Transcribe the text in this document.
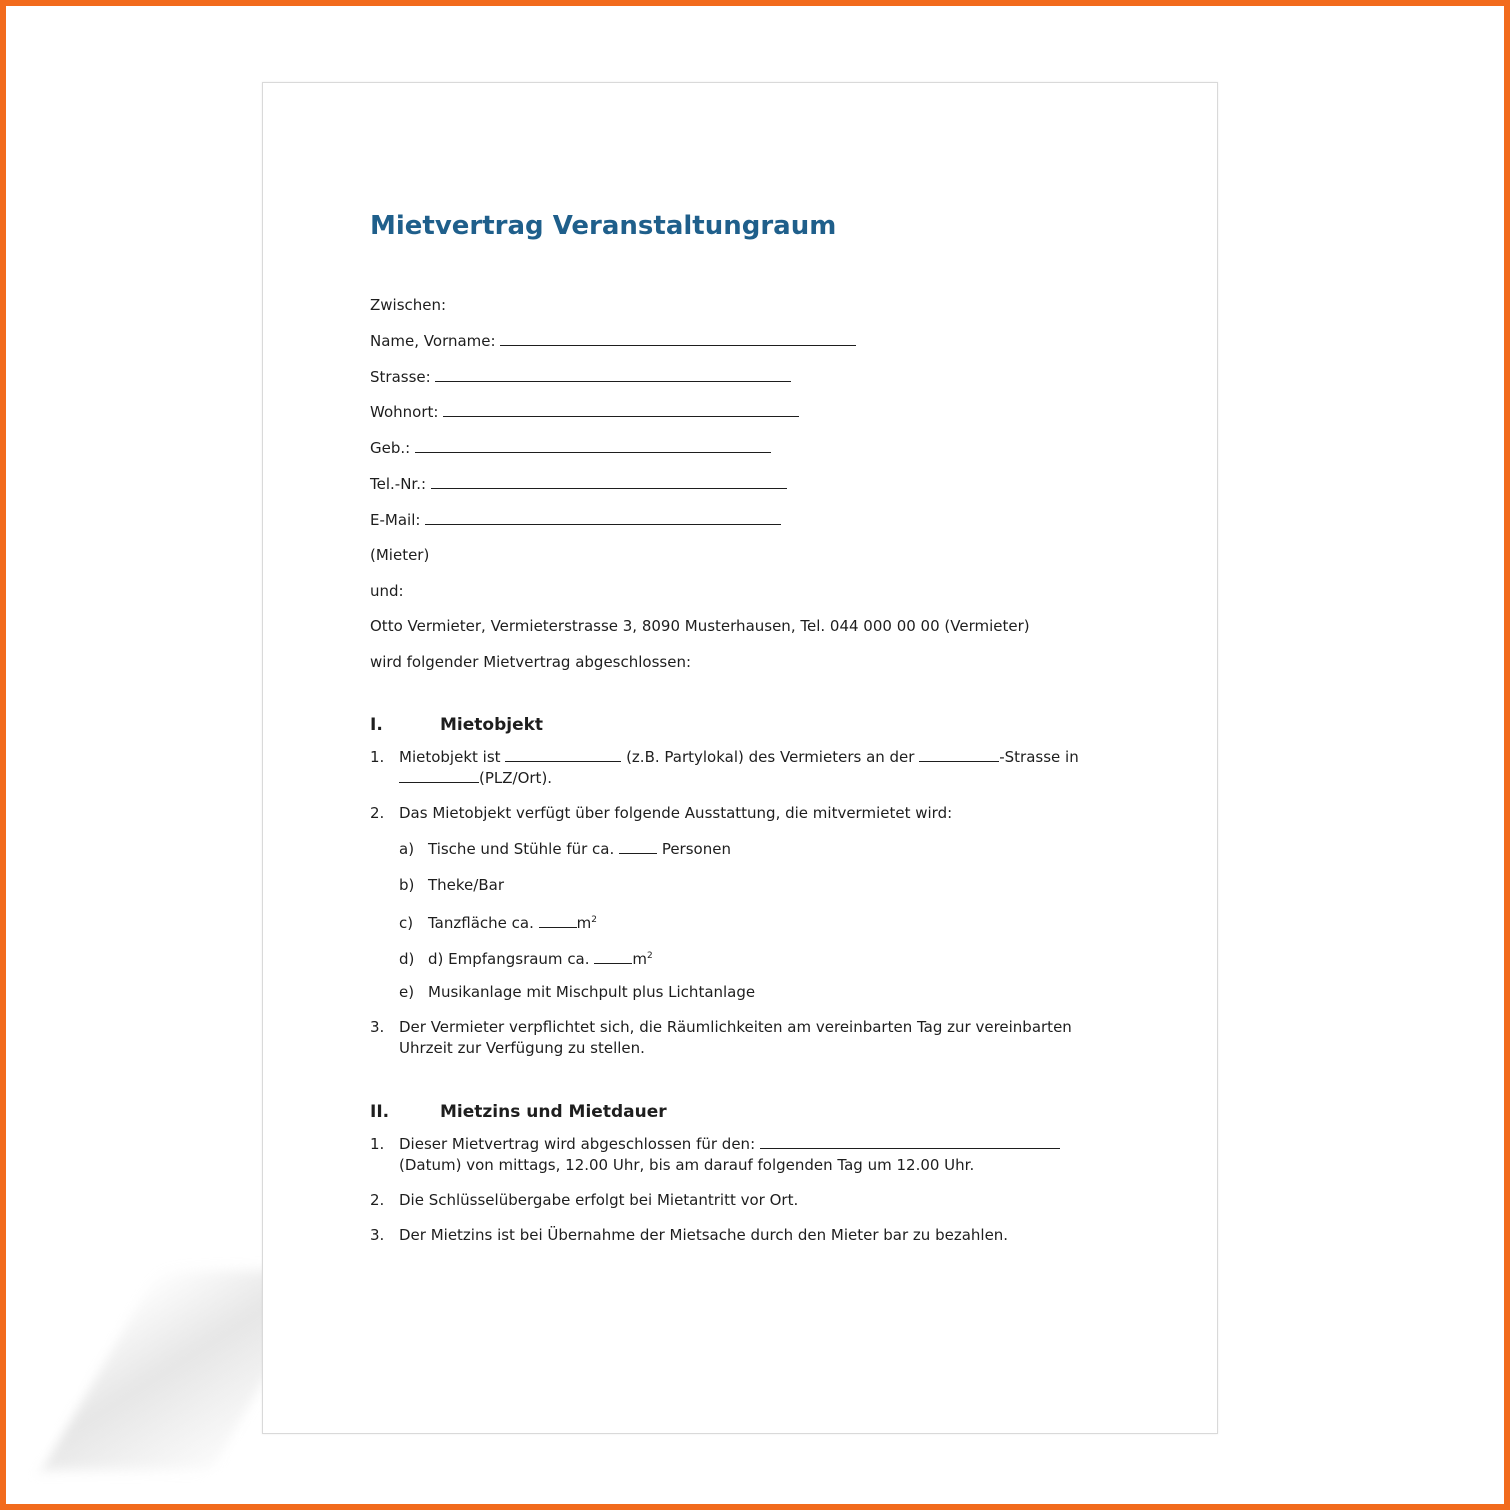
Mietvertrag Veranstaltungraum
Zwischen:
Name, Vorname:
Strasse:
Wohnort:
Geb.:
Tel.-Nr.:
E-Mail:
(Mieter)
und:
Otto Vermieter, Vermieterstrasse 3, 8090 Musterhausen, Tel. 044 000 00 00 (Vermieter)
wird folgender Mietvertrag abgeschlossen:
I.	Mietobjekt
1. Mietobjekt ist	(z.B. Partylokal) des Vermieters an der	-Strasse in
(PLZ/Ort).
2. Das Mietobjekt verfügt über folgende Ausstattung, die mitvermietet wird:
a) Tische und Stühle für ca.	Personen
b) Theke/Bar
c) Tanzfläche ca.	$m^2$
d) d) Empfangsraum ca.	$m^2$
e) Musikanlage mit Mischpult plus Lichtanlage
3. Der Vermieter verpflichtet sich, die Räumlichkeiten am vereinbarten Tag zur vereinbarten Uhrzeit zur Verfügung zu stellen.
II.	Mietzins und Mietdauer
1. Dieser Mietvertrag wird abgeschlossen für den:
(Datum) von mittags, 12.00 Uhr, bis am darauf folgenden Tag um 12.00 Uhr.
2. Die Schlüsselübergabe erfolgt bei Mietantritt vor Ort.
3. Der Mietzins ist bei Übernahme der Mietsache durch den Mieter bar zu bezahlen.
